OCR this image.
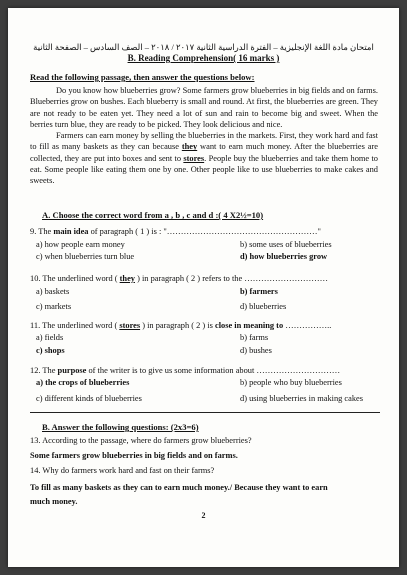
امتحان مادة اللغة الإنجليزية – الفترة الدراسية الثانية ٢٠١٧ / ٢٠١٨ – الصف السادس – الصفحة الثانية
B. Reading Comprehension( 16 marks )
Read the following passage, then answer the questions below:

Do you know how blueberries grow? Some farmers grow blueberries in big fields and on farms. Blueberries grow on bushes. Each blueberry is small and round. At first, the blueberries are green. They are not ready to be eaten yet. They need a lot of sun and rain to become big and sweet. When the berries turn blue, they are ready to be picked. They look delicious and nice.

Farmers can earn money by selling the blueberries in the markets. First, they work hard and fast to fill as many baskets as they can because they want to earn much money. After the blueberries are collected, they are put into boxes and sent to stores. People buy the blueberries and take them home to eat. Some people like eating them one by one. Other people like to use blueberries to make cakes and sweets.

A. Choose the correct word from a , b , c and d :( 4 X2½=10)
9. The main idea of paragraph ( 1 ) is : "………………………………………………"
a) how people earn money	b) some uses of blueberries
c) when blueberries turn blue	d) how blueberries grow
10. The underlined word ( they ) in paragraph ( 2 ) refers to the …………………………
a) baskets	b) farmers
c) markets	d) blueberries
11. The underlined word ( stores ) in paragraph ( 2 ) is close in meaning to ……………..
a) fields	b) farms
c) shops	d) bushes
12. The purpose of the writer is to give us some information about …………………………
a) the crops of blueberries	b) people who buy blueberries
c) different kinds of blueberries	d) using blueberries in making cakes
B. Answer the following questions: (2x3=6)
13. According to the passage, where do farmers grow blueberries?
Some farmers grow blueberries in big fields and on farms.
14. Why do farmers work hard and fast on their farms?
To fill as many baskets as they can to earn much money./ Because they want to earn
much money.
2
